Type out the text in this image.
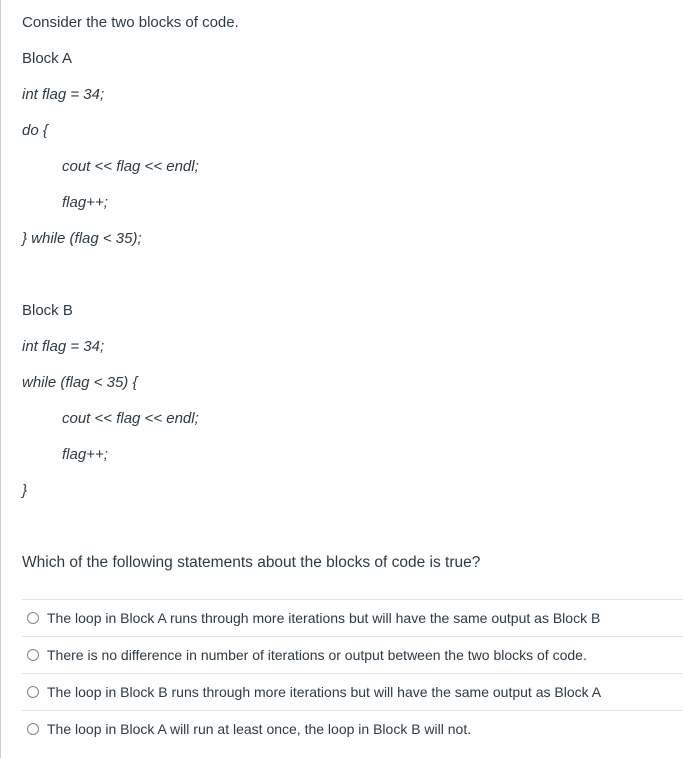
Consider the two blocks of code.
Block A
int flag = 34;
do {
cout << flag << endl;
flag++;
} while (flag < 35);
Block B
int flag = 34;
while (flag < 35) {
cout << flag << endl;
flag++;
}
Which of the following statements about the blocks of code is true?
The loop in Block A runs through more iterations but will have the same output as Block B
There is no difference in number of iterations or output between the two blocks of code.
The loop in Block B runs through more iterations but will have the same output as Block A
The loop in Block A will run at least once, the loop in Block B will not.
